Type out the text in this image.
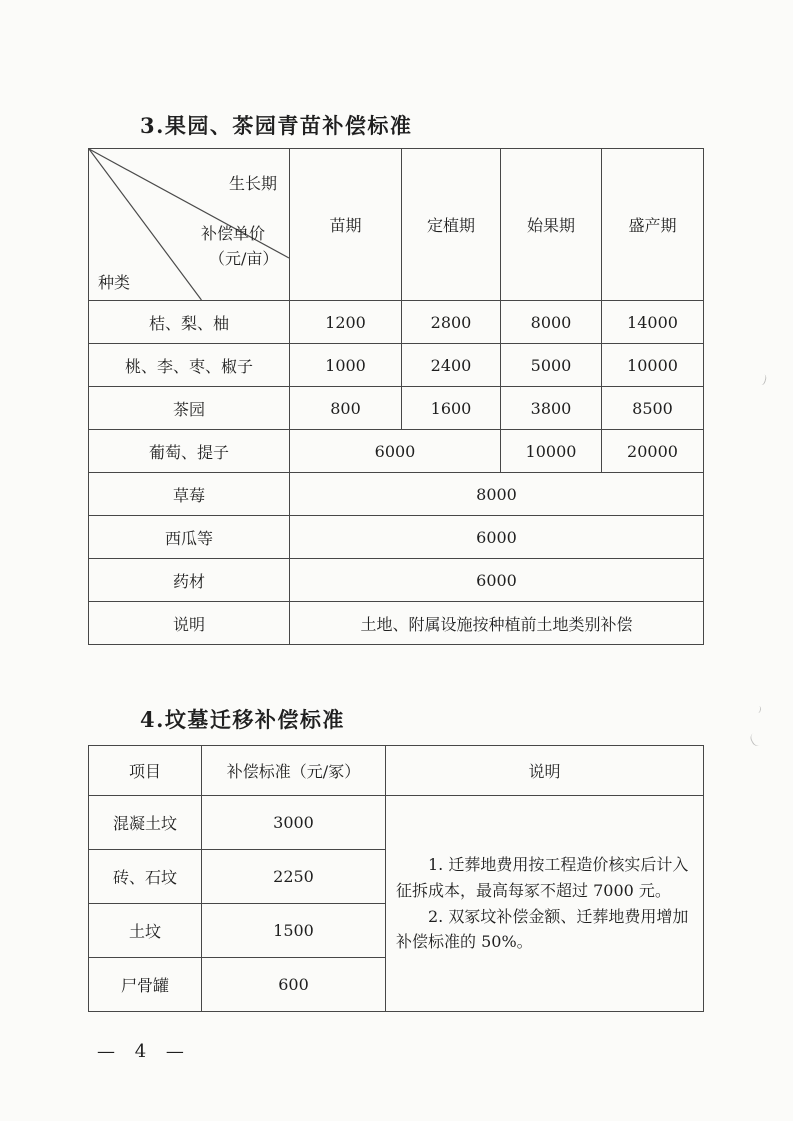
3.果园、茶园青苗补偿标准
生长期
补偿单价
（元/亩）
种类	苗期	定植期	始果期	盛产期
桔、梨、柚	1200	2800	8000	14000
桃、李、枣、椒子	1000	2400	5000	10000
茶园	800	1600	3800	8500
葡萄、提子	6000		10000	20000
草莓	8000			
西瓜等	6000			
药材	6000			
说明	土地、附属设施按种植前土地类别补偿			
4.坟墓迁移补偿标准
项目	补偿标准（元/冢）	说明
混凝土坟	3000	1. 迁葬地费用按工程造价核实后计入征拆成本，最高每冢不超过 7000 元。

2. 双冢坟补偿金额、迁葬地费用增加补偿标准的 50%。

砖、石坟	2250	
土坟	1500	
尸骨罐	600	
— 4 —
